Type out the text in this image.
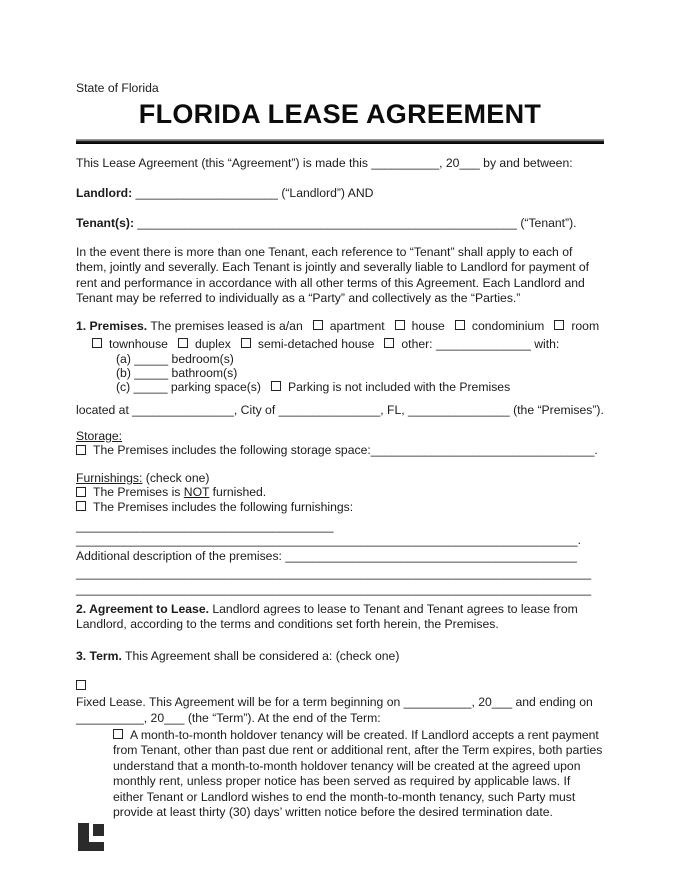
State of Florida

FLORIDA LEASE AGREEMENT

This Lease Agreement (this “Agreement”) is made this __________, 20___ by and between:

Landlord: _____________________ (“Landlord”) AND

Tenant(s): ________________________________________________________ (“Tenant”).

In the event there is more than one Tenant, each reference to “Tenant” shall apply to each of them, jointly and severally. Each Tenant is jointly and severally liable to Landlord for payment of rent and performance in accordance with all other terms of this Agreement. Each Landlord and Tenant may be referred to individually as a “Party” and collectively as the “Parties.”

1. Premises. The premises leased is a/an apartment house condominium room

townhouse duplex semi-detached house other: ______________ with:

(a) _____ bedroom(s)

(b) _____ bathroom(s)

(c) _____ parking space(s) Parking is not included with the Premises

located at _______________, City of _______________, FL, _______________ (the “Premises”).

Storage:

The Premises includes the following storage space:_________________________________.

Furnishings: (check one)

The Premises is NOT furnished.

The Premises includes the following furnishings:

______________________________________

__________________________________________________________________________.

Additional description of the premises: ___________________________________________

____________________________________________________________________________

____________________________________________________________________________

2. Agreement to Lease. Landlord agrees to lease to Tenant and Tenant agrees to lease from Landlord, according to the terms and conditions set forth herein, the Premises.

3. Term. This Agreement shall be considered a: (check one)

Fixed Lease. This Agreement will be for a term beginning on __________, 20___ and ending on
__________, 20___ (the “Term”). At the end of the Term:

A month-to-month holdover tenancy will be created. If Landlord accepts a rent payment from Tenant, other than past due rent or additional rent, after the Term expires, both parties understand that a month-to-month holdover tenancy will be created at the agreed upon monthly rent, unless proper notice has been served as required by applicable laws. If either Tenant or Landlord wishes to end the month-to-month tenancy, such Party must provide at least thirty (30) days’ written notice before the desired termination date.
